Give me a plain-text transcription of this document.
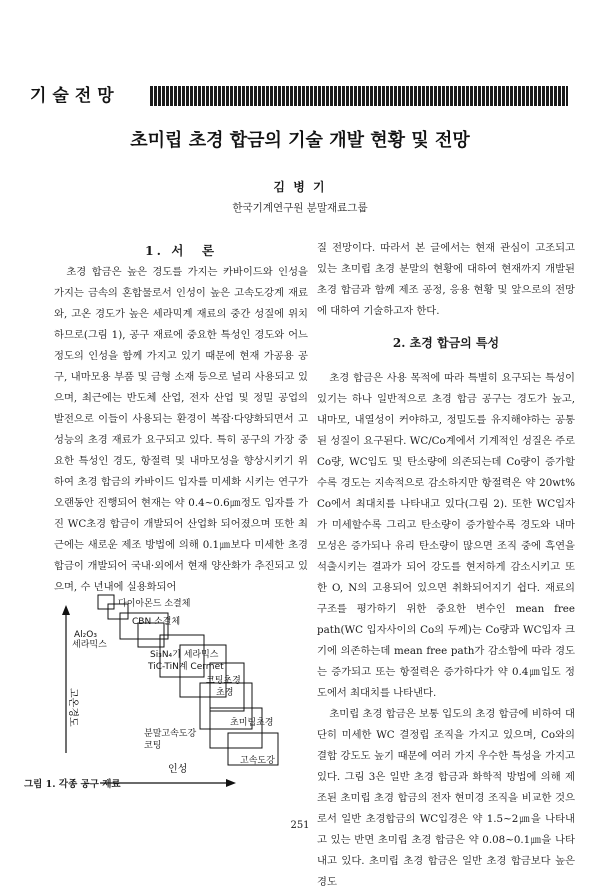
기술전망
초미립 초경 합금의 기술 개발 현황 및 전망
김 병 기
한국기계연구원 분말재료그룹
1. 서　론

초경 합금은 높은 경도를 가지는 카바이드와 인성을 가지는 금속의 혼합물로서 인성이 높은 고속도강계 재료와, 고온 경도가 높은 세라믹계 재료의 중간 성질에 위치하므로(그림 1), 공구 재료에 중요한 특성인 경도와 어느 정도의 인성을 함께 가지고 있기 때문에 현재 가공용 공구, 내마모용 부품 및 금형 소재 등으로 널리 사용되고 있으며, 최근에는 반도체 산업, 전자 산업 및 정밀 공업의 발전으로 이들이 사용되는 환경이 복잡·다양화되면서 고성능의 초경 재료가 요구되고 있다. 특히 공구의 가장 중요한 특성인 경도, 항절력 및 내마모성을 향상시키기 위하여 초경 합금의 카바이드 입자를 미세화 시키는 연구가 오랜동안 진행되어 현재는 약 0.4~0.6㎛정도 입자를 가진 WC초경 합금이 개발되어 산업화 되어졌으며 또한 최근에는 새로운 제조 방법에 의해 0.1㎛보다 미세한 초경 합금이 개발되어 국내·외에서 현재 양산화가 추진되고 있으며, 수 년내에 실용화되어

고온경도
인성
다이아몬드 소결체
CBN 소결체
Al₂O₃
세라믹스
Si₃N₄기 세라믹스
TiC-TiN계 Cermet
코팅초경
초경
초미립초경
분말고속도강
코팅
고속도강
그림 1. 각종 공구 재료

질 전망이다. 따라서 본 글에서는 현재 관심이 고조되고 있는 초미립 초경 분말의 현황에 대하여 현재까지 개발된 초경 합금과 함께 제조 공정, 응용 현황 및 앞으로의 전망에 대하여 기술하고자 한다.

2. 초경 합금의 특성

초경 합금은 사용 목적에 따라 특별히 요구되는 특성이 있기는 하나 일반적으로 초경 합금 공구는 경도가 높고, 내마모, 내열성이 커야하고, 정밀도를 유지해야하는 공통된 성질이 요구된다. WC/Co계에서 기계적인 성질은 주로 Co량, WC입도 및 탄소량에 의존되는데 Co량이 증가할수록 경도는 지속적으로 감소하지만 항절력은 약 20wt% Co에서 최대치를 나타내고 있다(그림 2). 또한 WC입자가 미세할수록 그리고 탄소량이 증가할수록 경도와 내마모성은 증가되나 유리 탄소량이 많으면 조직 중에 흑연을 석출시키는 결과가 되어 강도를 현저하게 감소시키고 또한 O, N의 고용되어 있으면 취화되어지기 쉽다. 재료의 구조를 평가하기 위한 중요한 변수인 mean free path(WC 입자사이의 Co의 두께)는 Co량과 WC입자 크기에 의존하는데 mean free path가 감소함에 따라 경도는 증가되고 또는 항절력은 증가하다가 약 0.4㎛입도 정도에서 최대치를 나타낸다.

초미립 초경 합금은 보통 입도의 초경 합금에 비하여 대단히 미세한 WC 결정립 조직을 가지고 있으며, Co와의 결합 강도도 높기 때문에 여러 가지 우수한 특성을 가지고 있다. 그림 3은 일반 초경 합금과 화학적 방법에 의해 제조된 초미립 초경 합금의 전자 현미경 조직을 비교한 것으로서 일반 초경합금의 WC입경은 약 1.5~2㎛을 나타내고 있는 반면 초미립 초경 합금은 약 0.08~0.1㎛을 나타내고 있다. 초미립 초경 합금은 일반 초경 합금보다 높은 경도

251
